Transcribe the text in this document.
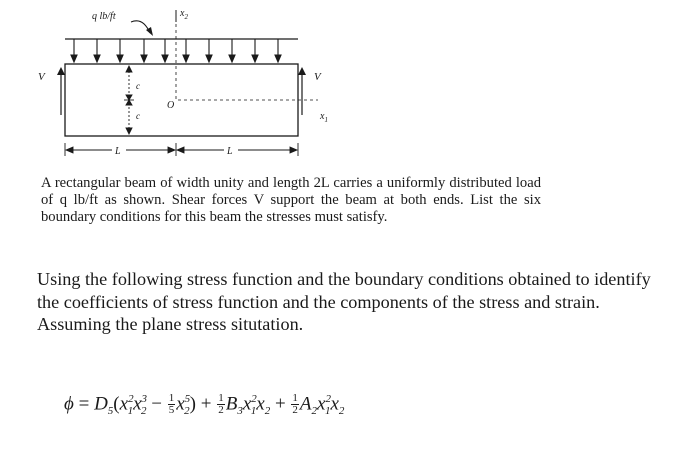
q lb/ft	$x_2$
$x_1$
O
V	V
c
c
L	L

A rectangular beam of width unity and length 2L carries a uniformly distributed load of q lb/ft as shown. Shear forces V support the beam at both ends. List the six boundary conditions for this beam the stresses must satisfy.

Using the following stress function and the boundary conditions obtained to identify the coefficients of stress function and the components of the stress and strain. Assuming the plane stress situtation.

$\phi = D_5(x^2_1x^3_2 - \frac{1}{5} x^5_2) + \frac{1}{2} B_3x^2_1x_2 + \frac{1}{2} A_2x^2_1x_2$
